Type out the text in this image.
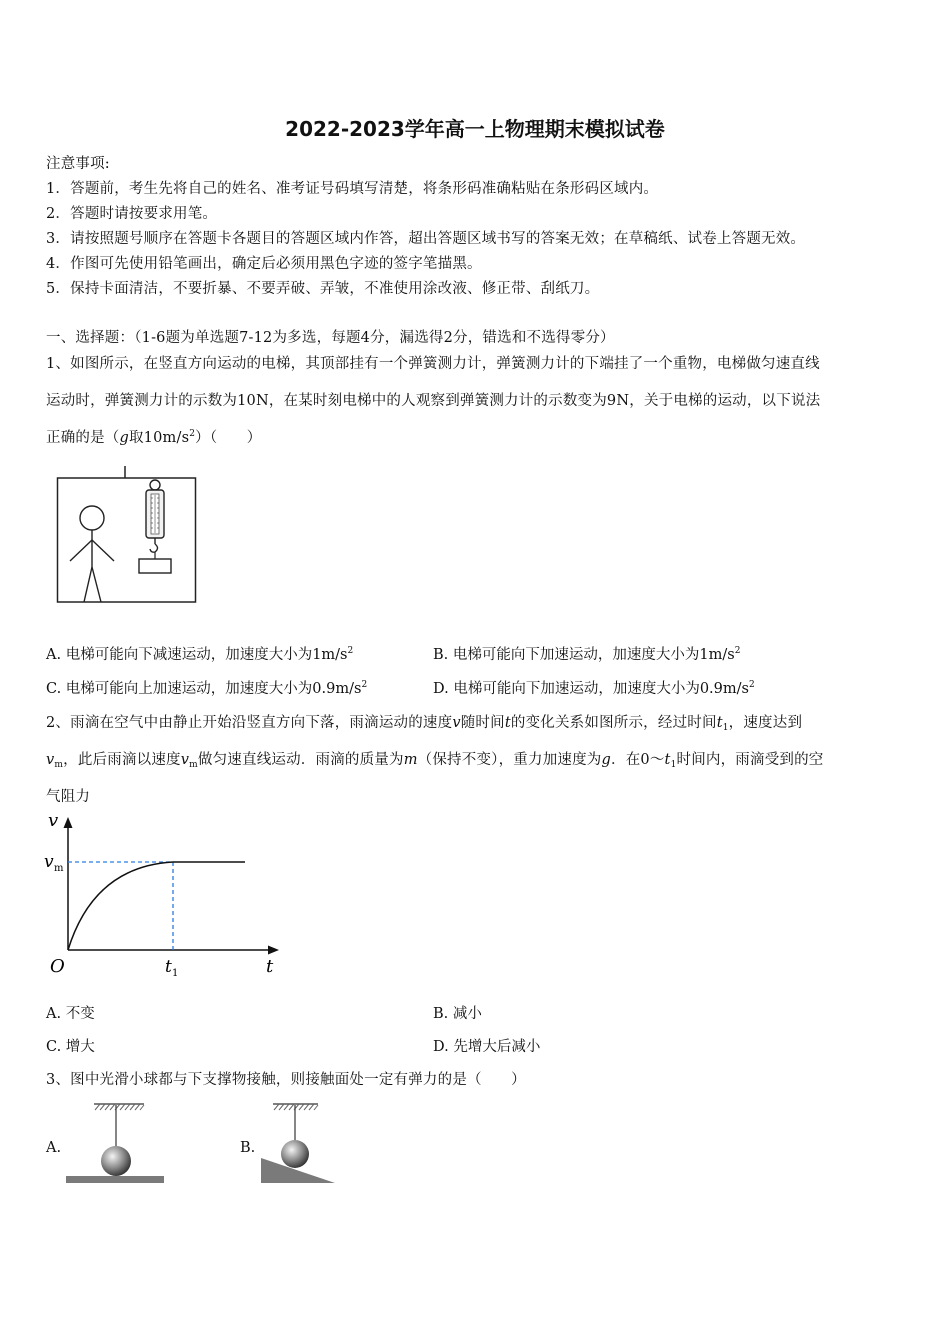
2022-2023学年高一上物理期末模拟试卷
注意事项:
1．答题前，考生先将自己的姓名、准考证号码填写清楚，将条形码准确粘贴在条形码区域内。
2．答题时请按要求用笔。
3．请按照题号顺序在答题卡各题目的答题区域内作答，超出答题区域书写的答案无效；在草稿纸、试卷上答题无效。
4．作图可先使用铅笔画出，确定后必须用黑色字迹的签字笔描黑。
5．保持卡面清洁，不要折暴、不要弄破、弄皱，不准使用涂改液、修正带、刮纸刀。
一、选择题：（1-6题为单选题7-12为多选，每题4分，漏选得2分，错选和不选得零分）
1、如图所示，在竖直方向运动的电梯，其顶部挂有一个弹簧测力计，弹簧测力计的下端挂了一个重物，电梯做匀速直线
运动时，弹簧测力计的示数为10N，在某时刻电梯中的人观察到弹簧测力计的示数变为9N，关于电梯的运动，以下说法
正确的是（g取$10m/s^2$）（　　）
A. 电梯可能向下减速运动，加速度大小为$1m/s^2$	B. 电梯可能向下加速运动，加速度大小为$1m/s^2$
C. 电梯可能向上加速运动，加速度大小为$0.9m/s^2$	D. 电梯可能向下加速运动，加速度大小为$0.9m/s^2$
2、雨滴在空气中由静止开始沿竖直方向下落，雨滴运动的速度v随时间t的变化关系如图所示，经过时间$t_1$，速度达到
$v_m$，此后雨滴以速度$v_m$做匀速直线运动．雨滴的质量为m（保持不变），重力加速度为g．在$0\sim t_1$时间内，雨滴受到的空
气阻力
v
v m
O	t 1	t
A. 不变	B. 减小
C. 增大	D. 先增大后减小
3、图中光滑小球都与下支撑物接触，则接触面处一定有弹力的是（　　）
A.	B.
